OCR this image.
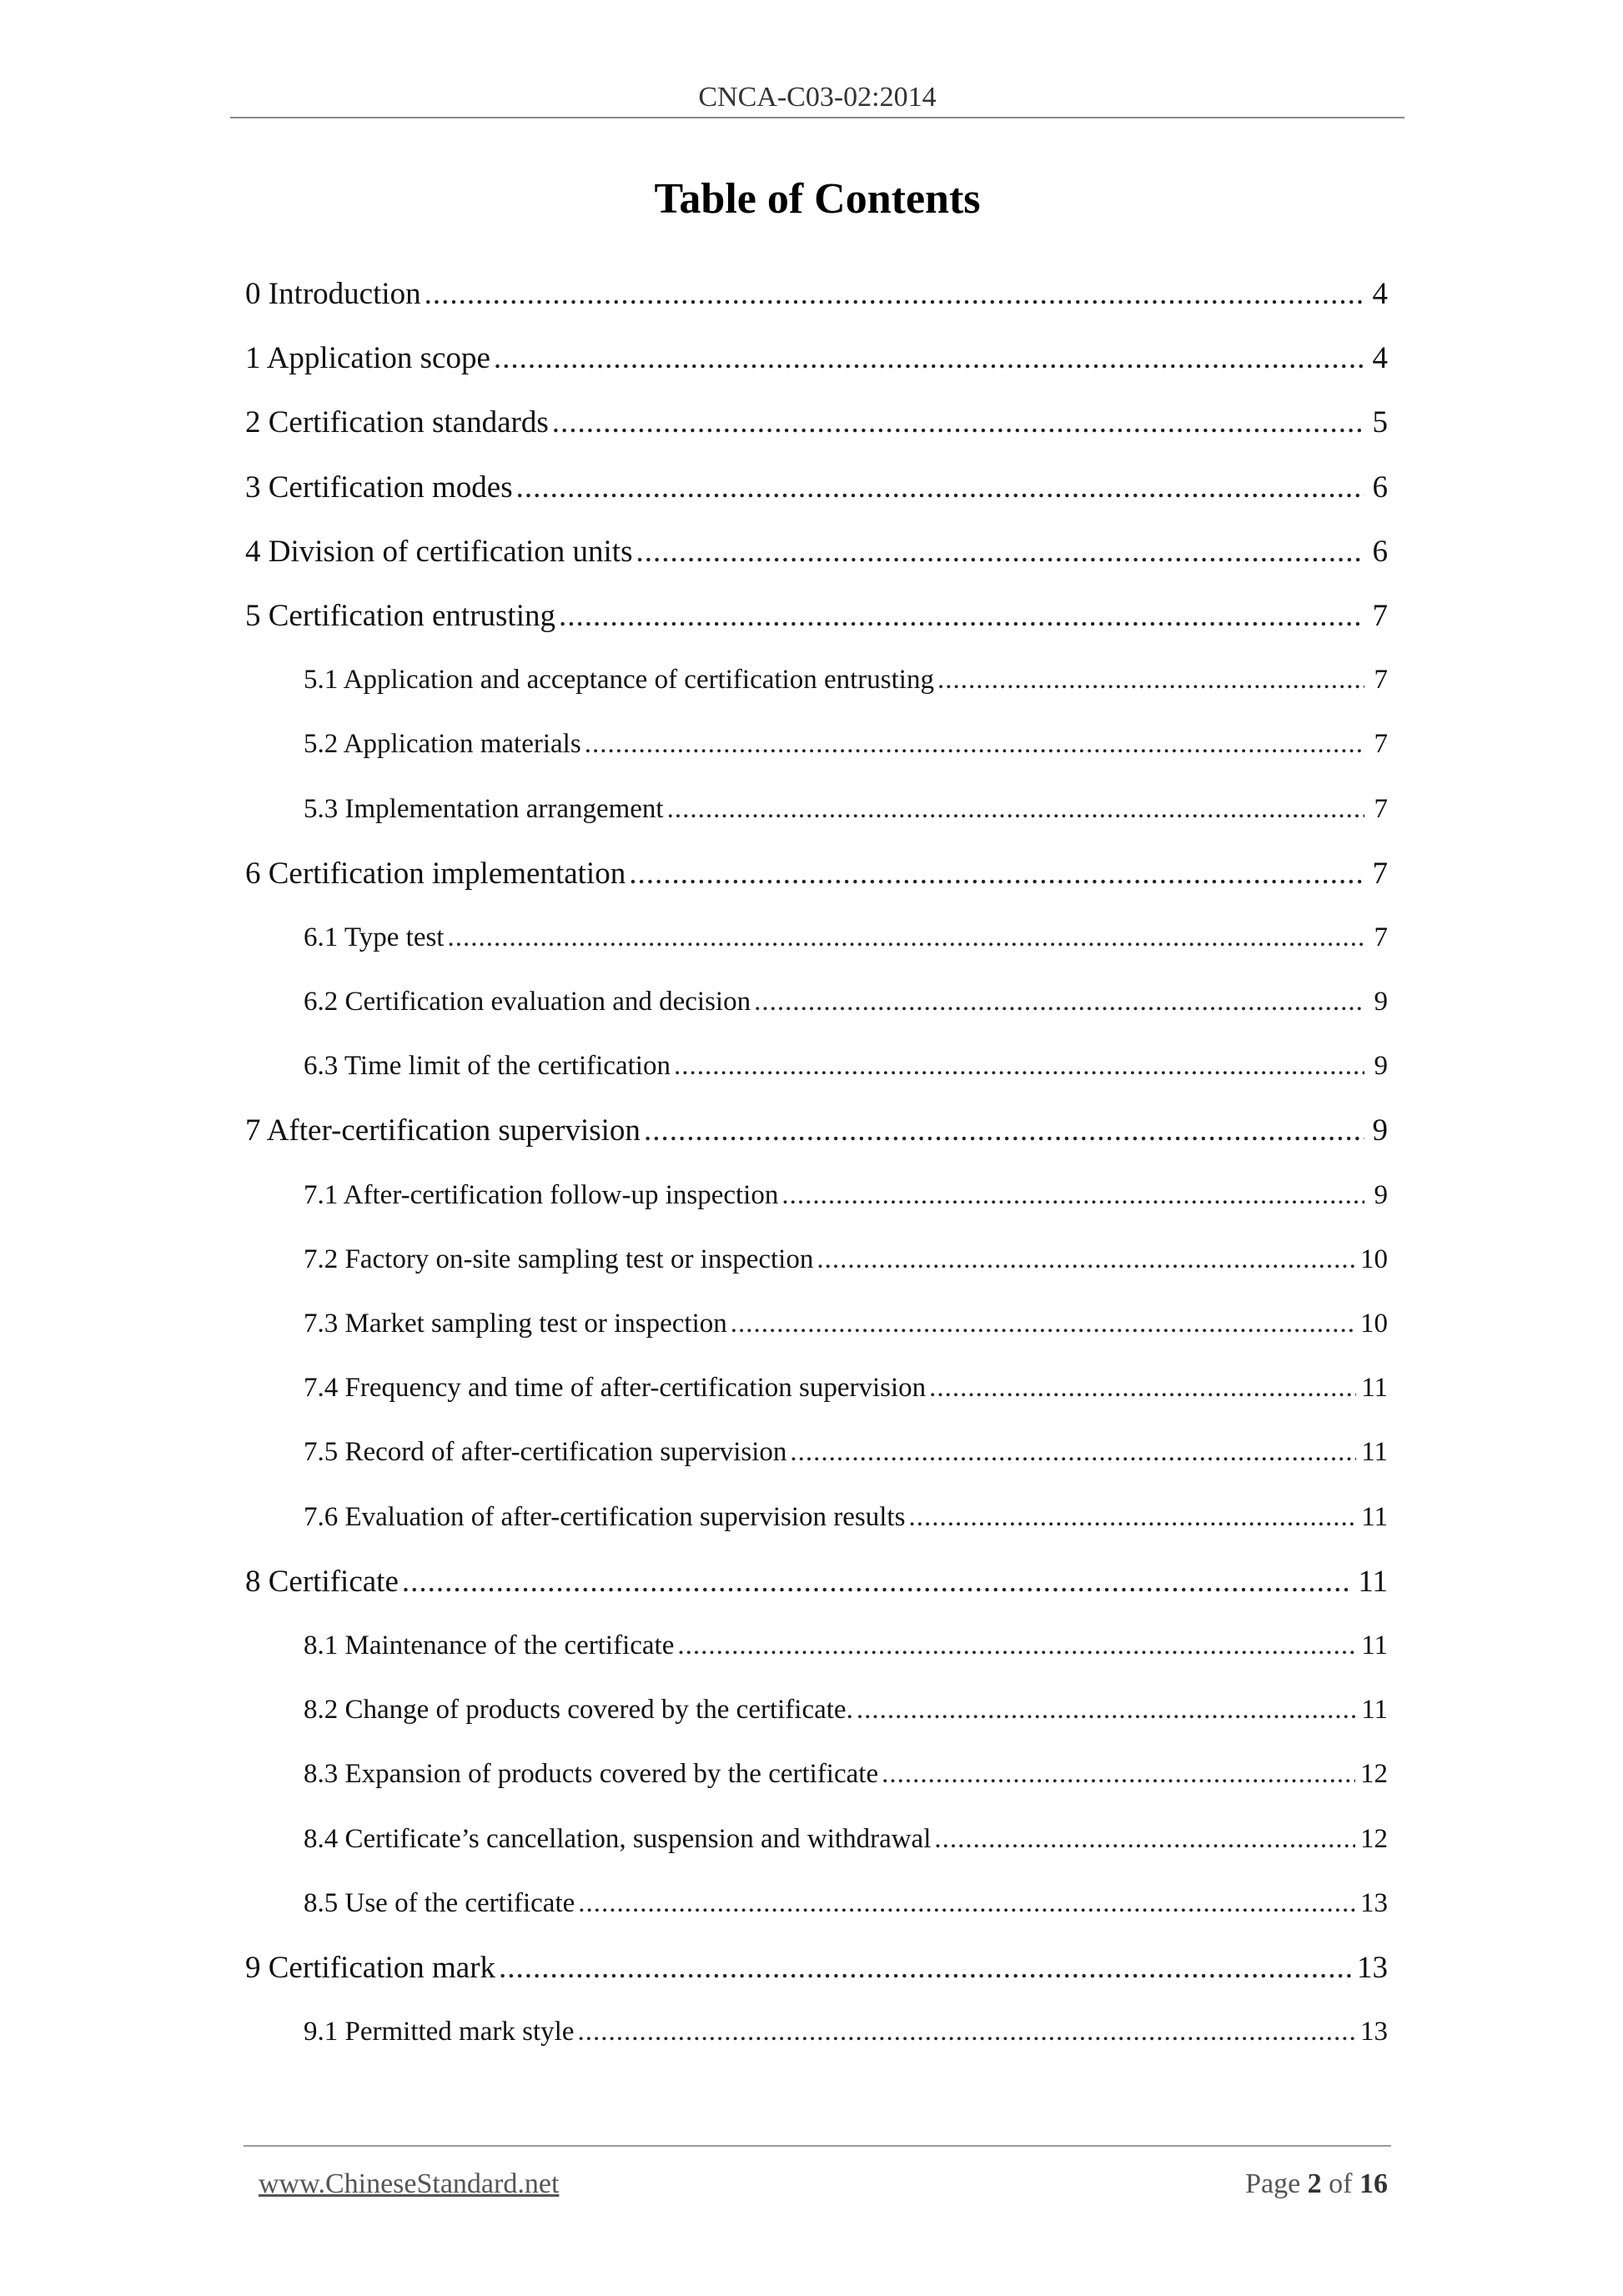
CNCA-C03-02:2014
Table of Contents
0 Introduction .....	4
1 Application scope .....	4
2 Certification standards .....	5
3 Certification modes .....	6
4 Division of certification units .....	6
5 Certification entrusting .....	7
5.1 Application and acceptance of certification entrusting .....	7
5.2 Application materials .....	7
5.3 Implementation arrangement .....	7
6 Certification implementation .....	7
6.1 Type test .....	7
6.2 Certification evaluation and decision .....	9
6.3 Time limit of the certification .....	9
7 After-certification supervision .....	9
7.1 After-certification follow-up inspection .....	9
7.2 Factory on-site sampling test or inspection .....	10
7.3 Market sampling test or inspection .....	10
7.4 Frequency and time of after-certification supervision .....	11
7.5 Record of after-certification supervision .....	11
7.6 Evaluation of after-certification supervision results .....	11
8 Certificate .....	11
8.1 Maintenance of the certificate .....	11
8.2 Change of products covered by the certificate. .....	11
8.3 Expansion of products covered by the certificate .....	12
8.4 Certificate’s cancellation, suspension and withdrawal .....	12
8.5 Use of the certificate .....	13
9 Certification mark .....	13
9.1 Permitted mark style .....	13
www.ChineseStandard.net	Page 2 of 16
